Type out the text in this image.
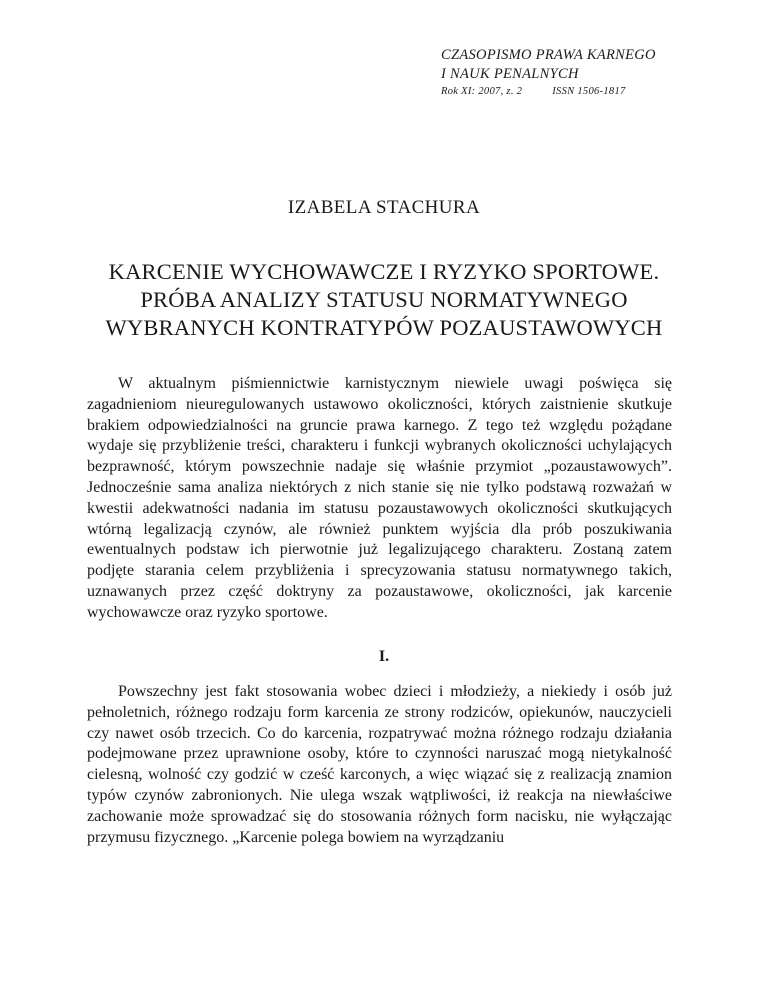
CZASOPISMO PRAWA KARNEGO
I NAUK PENALNYCH
Rok XI: 2007, z. 2	ISSN 1506-1817
IZABELA STACHURA
KARCENIE WYCHOWAWCZE I RYZYKO SPORTOWE.
PRÓBA ANALIZY STATUSU NORMATYWNEGO
WYBRANYCH KONTRATYPÓW POZAUSTAWOWYCH

W aktualnym piśmiennictwie karnistycznym niewiele uwagi poświęca się zagadnieniom nieuregulowanych ustawowo okoliczności, których zaistnienie skutkuje brakiem odpowiedzialności na gruncie prawa karnego. Z tego też względu pożądane wydaje się przybliżenie treści, charakteru i funkcji wybranych okoliczności uchylających bezprawność, którym powszechnie nadaje się właśnie przymiot „pozaustawowych”. Jednocześnie sama analiza niektórych z nich stanie się nie tylko podstawą rozważań w kwestii adekwatności nadania im statusu pozaustawowych okoliczności skutkujących wtórną legalizacją czynów, ale również punktem wyjścia dla prób poszukiwania ewentualnych podstaw ich pierwotnie już legalizującego charakteru. Zostaną zatem podjęte starania celem przybliżenia i sprecyzowania statusu normatywnego takich, uznawanych przez część doktryny za pozaustawowe, okoliczności, jak karcenie wychowawcze oraz ryzyko sportowe.

I.

Powszechny jest fakt stosowania wobec dzieci i młodzieży, a niekiedy i osób już pełnoletnich, różnego rodzaju form karcenia ze strony rodziców, opiekunów, nauczycieli czy nawet osób trzecich. Co do karcenia, rozpatrywać można różnego rodzaju działania podejmowane przez uprawnione osoby, które to czynności naruszać mogą nietykalność cielesną, wolność czy godzić w cześć karconych, a więc wiązać się z realizacją znamion typów czynów zabronionych. Nie ulega wszak wątpliwości, iż reakcja na niewłaściwe zachowanie może sprowadzać się do stosowania różnych form nacisku, nie wyłączając przymusu fizycznego. „Karcenie polega bowiem na wyrządzaniu
